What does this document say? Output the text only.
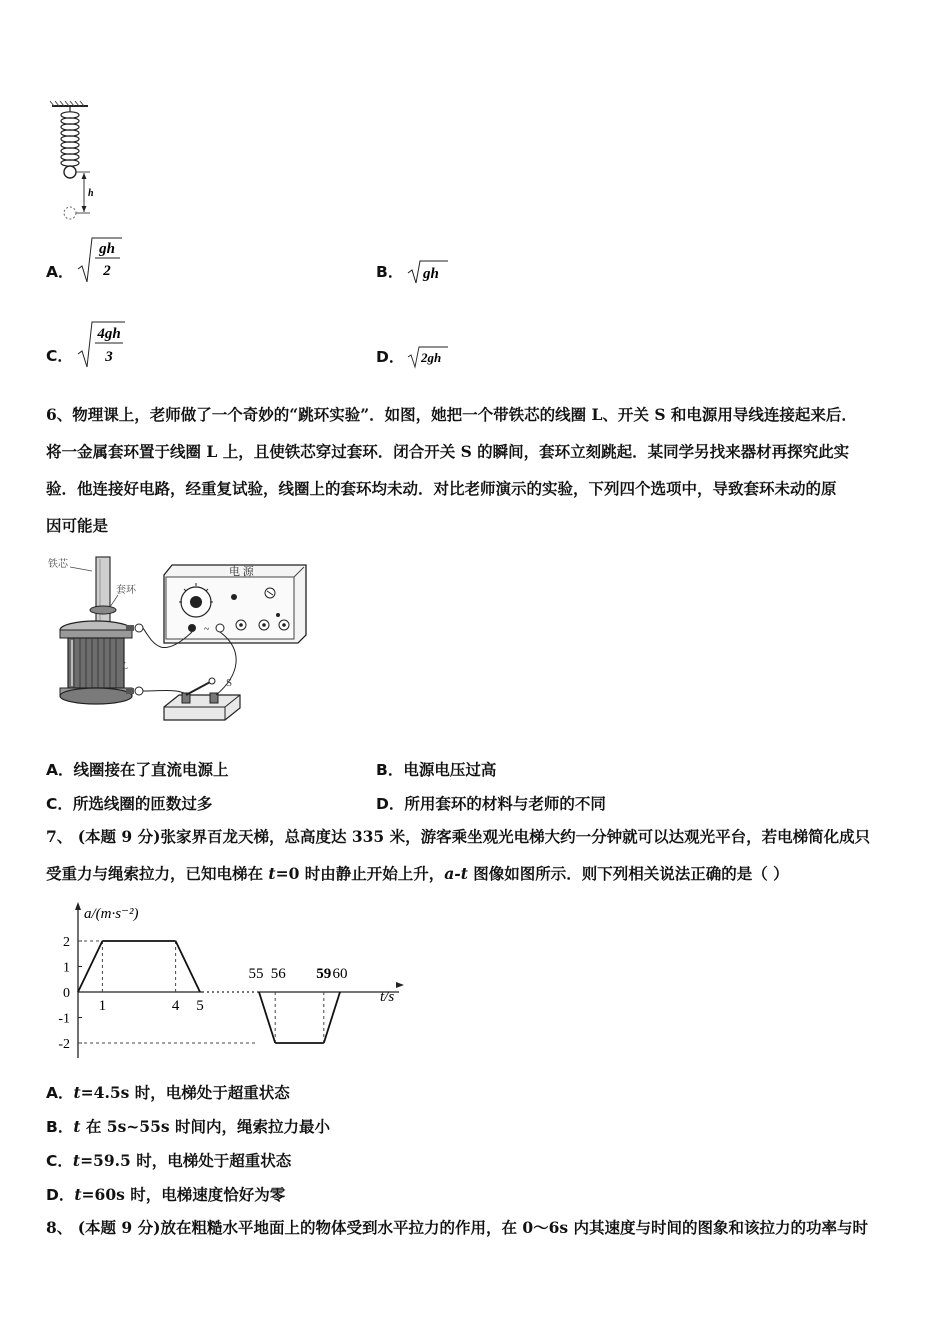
h
A．
gh
2	B． gh
C．
4gh
3	D． 2gh
6、物理课上，老师做了一个奇妙的“跳环实验”．如图，她把一个带铁芯的线圈 L、开关 S 和电源用导线连接起来后．
将一金属套环置于线圈 L 上，且使铁芯穿过套环．闭合开关 S 的瞬间，套环立刻跳起．某同学另找来器材再探究此实
验．他连接好电路，经重复试验，线圈上的套环均未动．对比老师演示的实验，下列四个选项中，导致套环未动的原
因可能是
~
铁芯
套环
电 源
L
S
A．线圈接在了直流电源上	B．电源电压过高
C．所选线圈的匝数过多	D．所用套环的材料与老师的不同
7、 (本题 9 分)张家界百龙天梯，总高度达 335 米，游客乘坐观光电梯大约一分钟就可以达观光平台，若电梯简化成只
受重力与绳索拉力，已知电梯在 t=0 时由静止开始上升，a-t 图像如图所示．则下列相关说法正确的是（ ）
a/(m·s⁻²)
t/s
2
1
0
-1
-2
1	4 5
55 56 59 60
A．t=4.5s 时，电梯处于超重状态
B．t 在 5s~55s 时间内，绳索拉力最小
C．t=59.5 时，电梯处于超重状态
D．t=60s 时，电梯速度恰好为零
8、 (本题 9 分)放在粗糙水平地面上的物体受到水平拉力的作用，在 0～6s 内其速度与时间的图象和该拉力的功率与时
